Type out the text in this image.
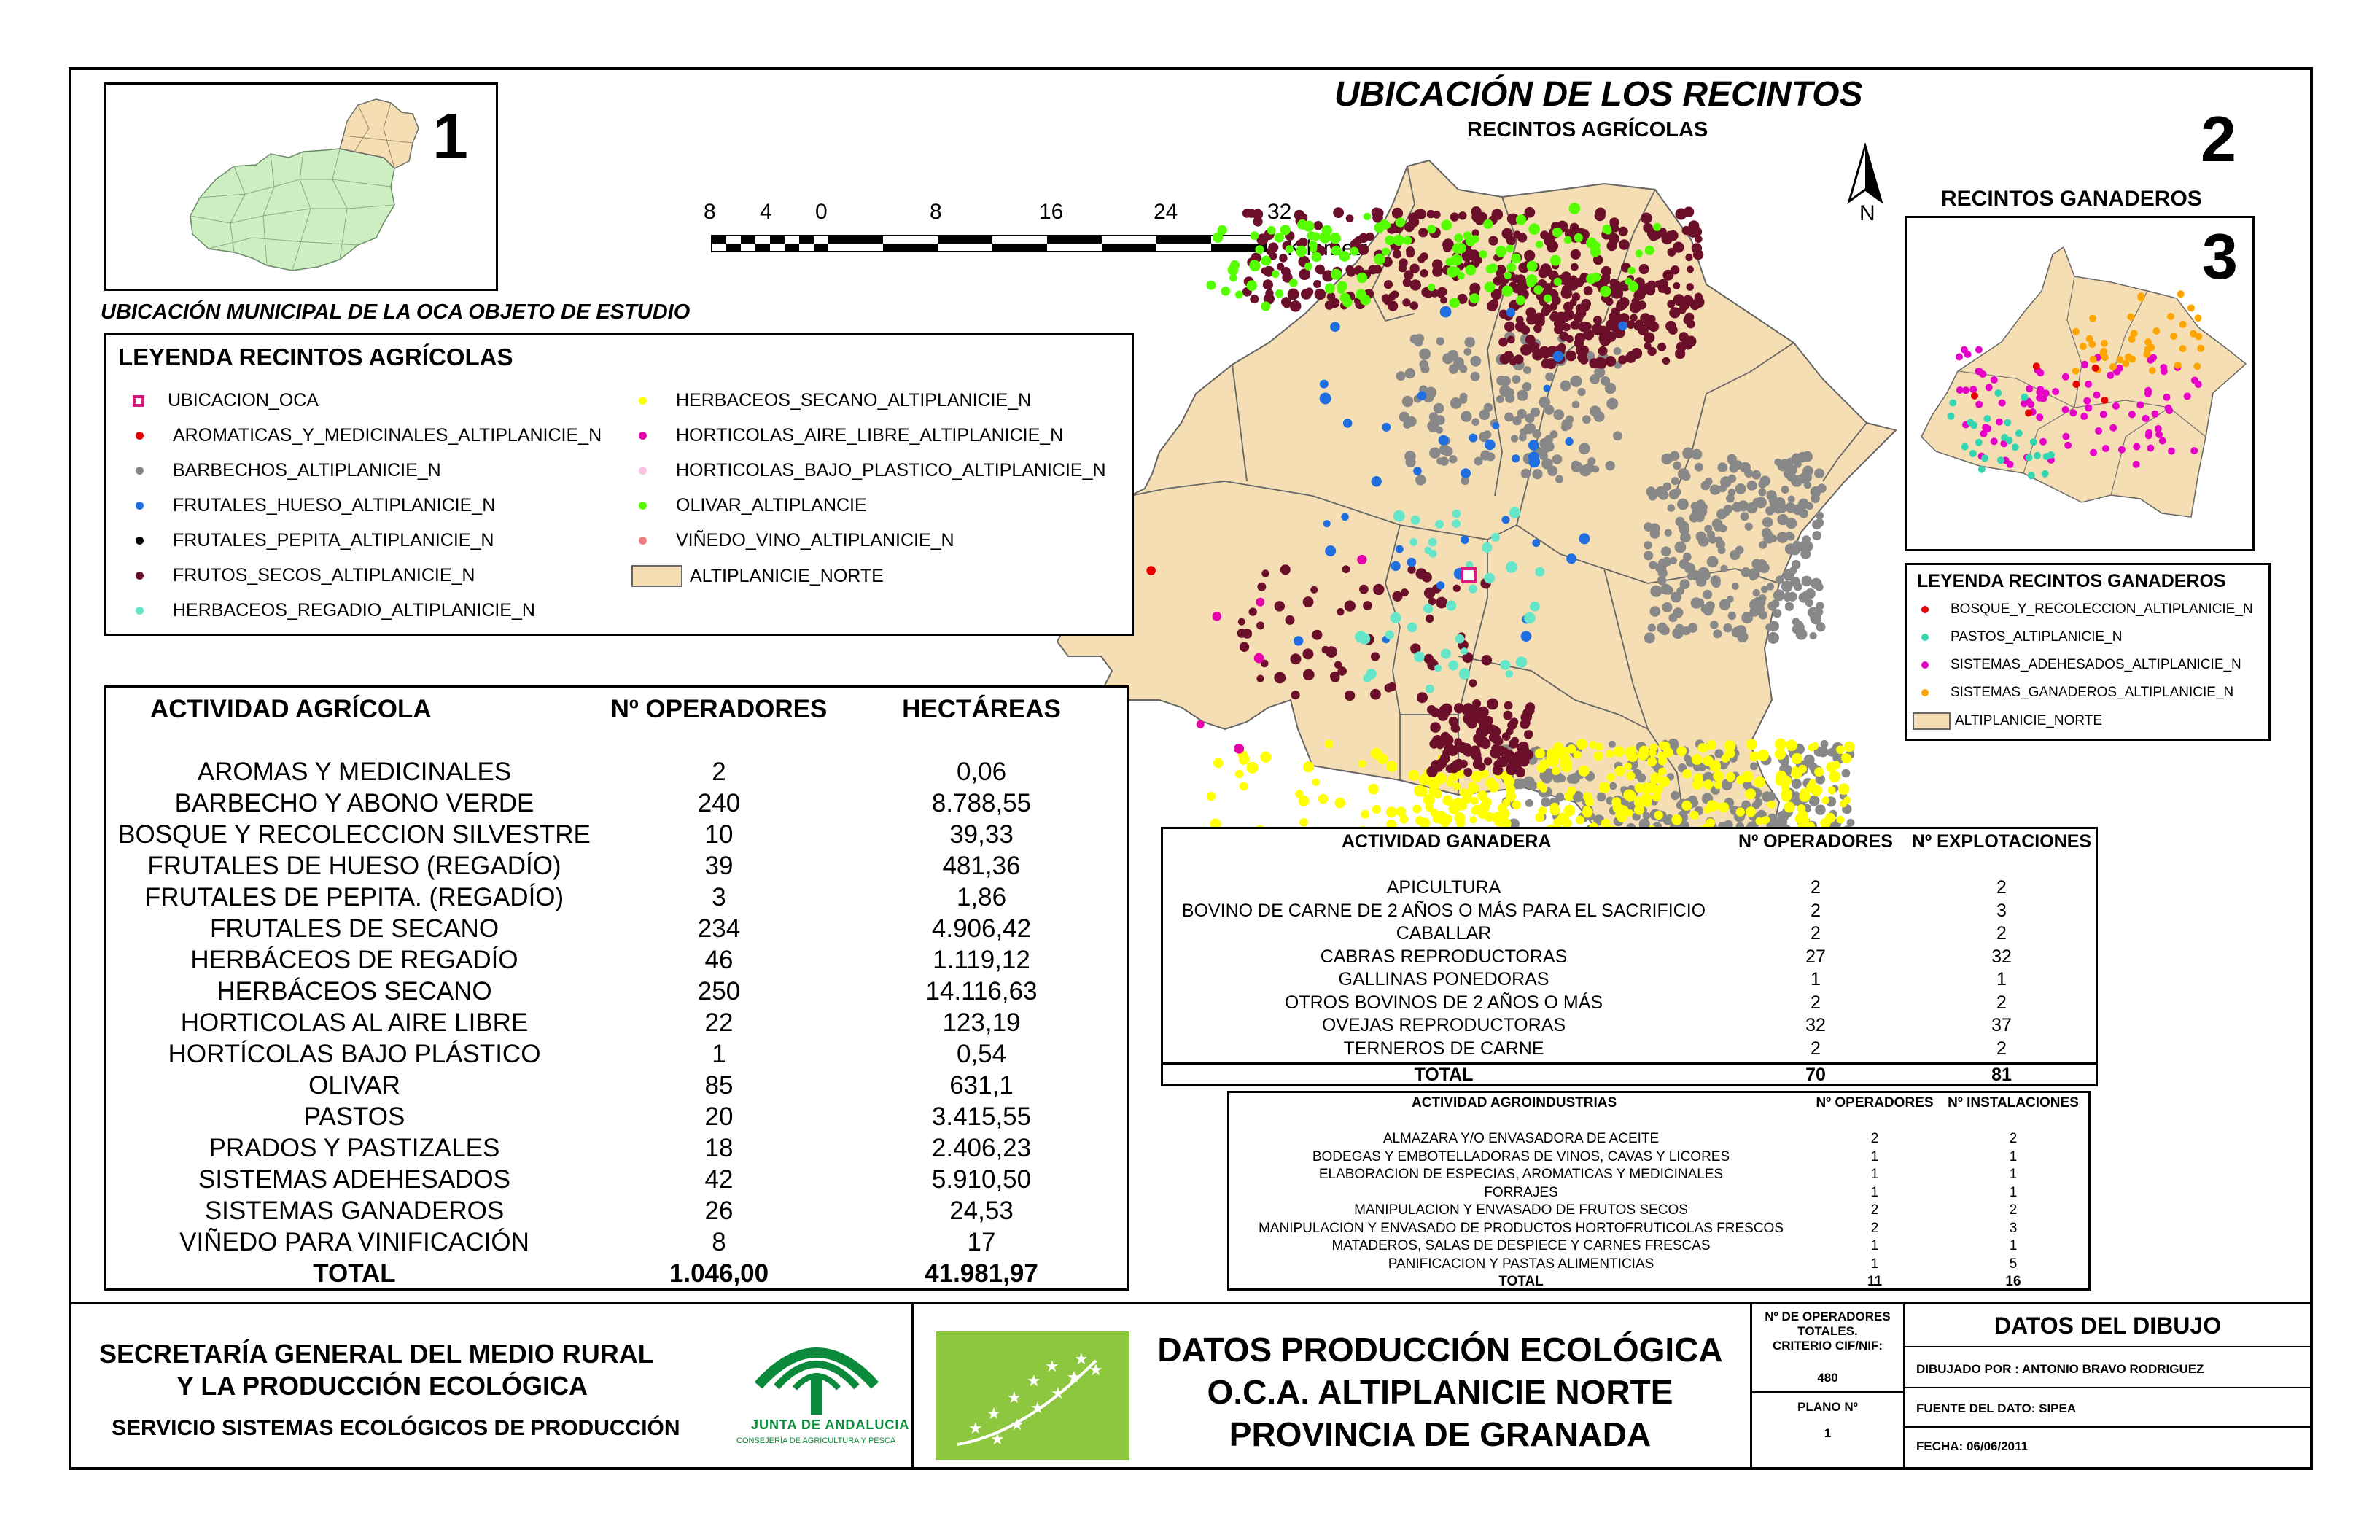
1
UBICACIÓN MUNICIPAL DE LA OCA OBJETO DE ESTUDIO
UBICACIÓN DE LOS RECINTOS
RECINTOS AGRÍCOLAS	2
N
8 4 0	8	16	24	32
RECINTOS GANADEROS
3
LEYENDA RECINTOS AGRÍCOLAS
UBICACION_OCA
AROMATICAS_Y_MEDICINALES_ALTIPLANICIE_N
BARBECHOS_ALTIPLANICIE_N
FRUTALES_HUESO_ALTIPLANICIE_N
FRUTALES_PEPITA_ALTIPLANICIE_N
FRUTOS_SECOS_ALTIPLANICIE_N
HERBACEOS_REGADIO_ALTIPLANICIE_N
HERBACEOS_SECANO_ALTIPLANICIE_N
HORTICOLAS_AIRE_LIBRE_ALTIPLANICIE_N
HORTICOLAS_BAJO_PLASTICO_ALTIPLANICIE_N
OLIVAR_ALTIPLANCIE
VIÑEDO_VINO_ALTIPLANICIE_N
ALTIPLANICIE_NORTE	LEYENDA RECINTOS GANADEROS
BOSQUE_Y_RECOLECCION_ALTIPLANICIE_N
PASTOS_ALTIPLANICIE_N
SISTEMAS_ADEHESADOS_ALTIPLANICIE_N
SISTEMAS_GANADEROS_ALTIPLANICIE_N
ALTIPLANICIE_NORTE
ACTIVIDAD AGRÍCOLA	Nº OPERADORES	HECTÁREAS

AROMAS Y MEDICINALES	2	0,06
BARBECHO Y ABONO VERDE	240	8.788,55
BOSQUE Y RECOLECCION SILVESTRE	10	39,33
FRUTALES DE HUESO (REGADÍO)	39	481,36
FRUTALES DE PEPITA. (REGADÍO)	3	1,86
FRUTALES DE SECANO	234	4.906,42
HERBÁCEOS DE REGADÍO	46	1.119,12
HERBÁCEOS SECANO	250	14.116,63
HORTICOLAS AL AIRE LIBRE	22	123,19
HORTÍCOLAS BAJO PLÁSTICO	1	0,54
OLIVAR	85	631,1
PASTOS	20	3.415,55
PRADOS Y PASTIZALES	18	2.406,23
SISTEMAS ADEHESADOS	42	5.910,50
SISTEMAS GANADEROS	26	24,53
VIÑEDO PARA VINIFICACIÓN	8	17
TOTAL	1.046,00	41.981,97
ACTIVIDAD GANADERA	Nº OPERADORES	Nº EXPLOTACIONES

APICULTURA	2	2
BOVINO DE CARNE DE 2 AÑOS O MÁS PARA EL SACRIFICIO	2	3
CABALLAR	2	2
CABRAS REPRODUCTORAS	27	32
GALLINAS PONEDORAS	1	1
OTROS BOVINOS DE 2 AÑOS O MÁS	2	2
OVEJAS REPRODUCTORAS	32	37
TERNEROS DE CARNE	2	2
TOTAL	70	81
ACTIVIDAD AGROINDUSTRIAS	Nº OPERADORES	Nº INSTALACIONES

ALMAZARA Y/O ENVASADORA DE ACEITE	2	2
BODEGAS Y EMBOTELLADORAS DE VINOS, CAVAS Y LICORES	1	1
ELABORACION DE ESPECIAS, AROMATICAS Y MEDICINALES	1	1
FORRAJES	1	1
MANIPULACION Y ENVASADO DE FRUTOS SECOS	2	2
MANIPULACION Y ENVASADO DE PRODUCTOS HORTOFRUTICOLAS FRESCOS	2	3
MATADEROS, SALAS DE DESPIECE Y CARNES FRESCAS	1	1
PANIFICACION Y PASTAS ALIMENTICIAS	1	5
TOTAL	11	16
SECRETARÍA GENERAL DEL MEDIO RURAL
Y LA PRODUCCIÓN ECOLÓGICA
SERVICIO SISTEMAS ECOLÓGICOS DE PRODUCCIÓN	JUNTA DE ANDALUCIA
CONSEJERÍA DE AGRICULTURA Y PESCA
★
★
★
★
★
★
★
★
★
★
★
★
DATOS PRODUCCIÓN ECOLÓGICA
O.C.A. ALTIPLANICIE NORTE
PROVINCIA DE GRANADA
Nº DE OPERADORES
TOTALES.
CRITERIO CIF/NIF:
480
PLANO Nº
1
DATOS DEL DIBUJO
DIBUJADO POR : ANTONIO BRAVO RODRIGUEZ
FUENTE DEL DATO: SIPEA
FECHA: 06/06/2011
